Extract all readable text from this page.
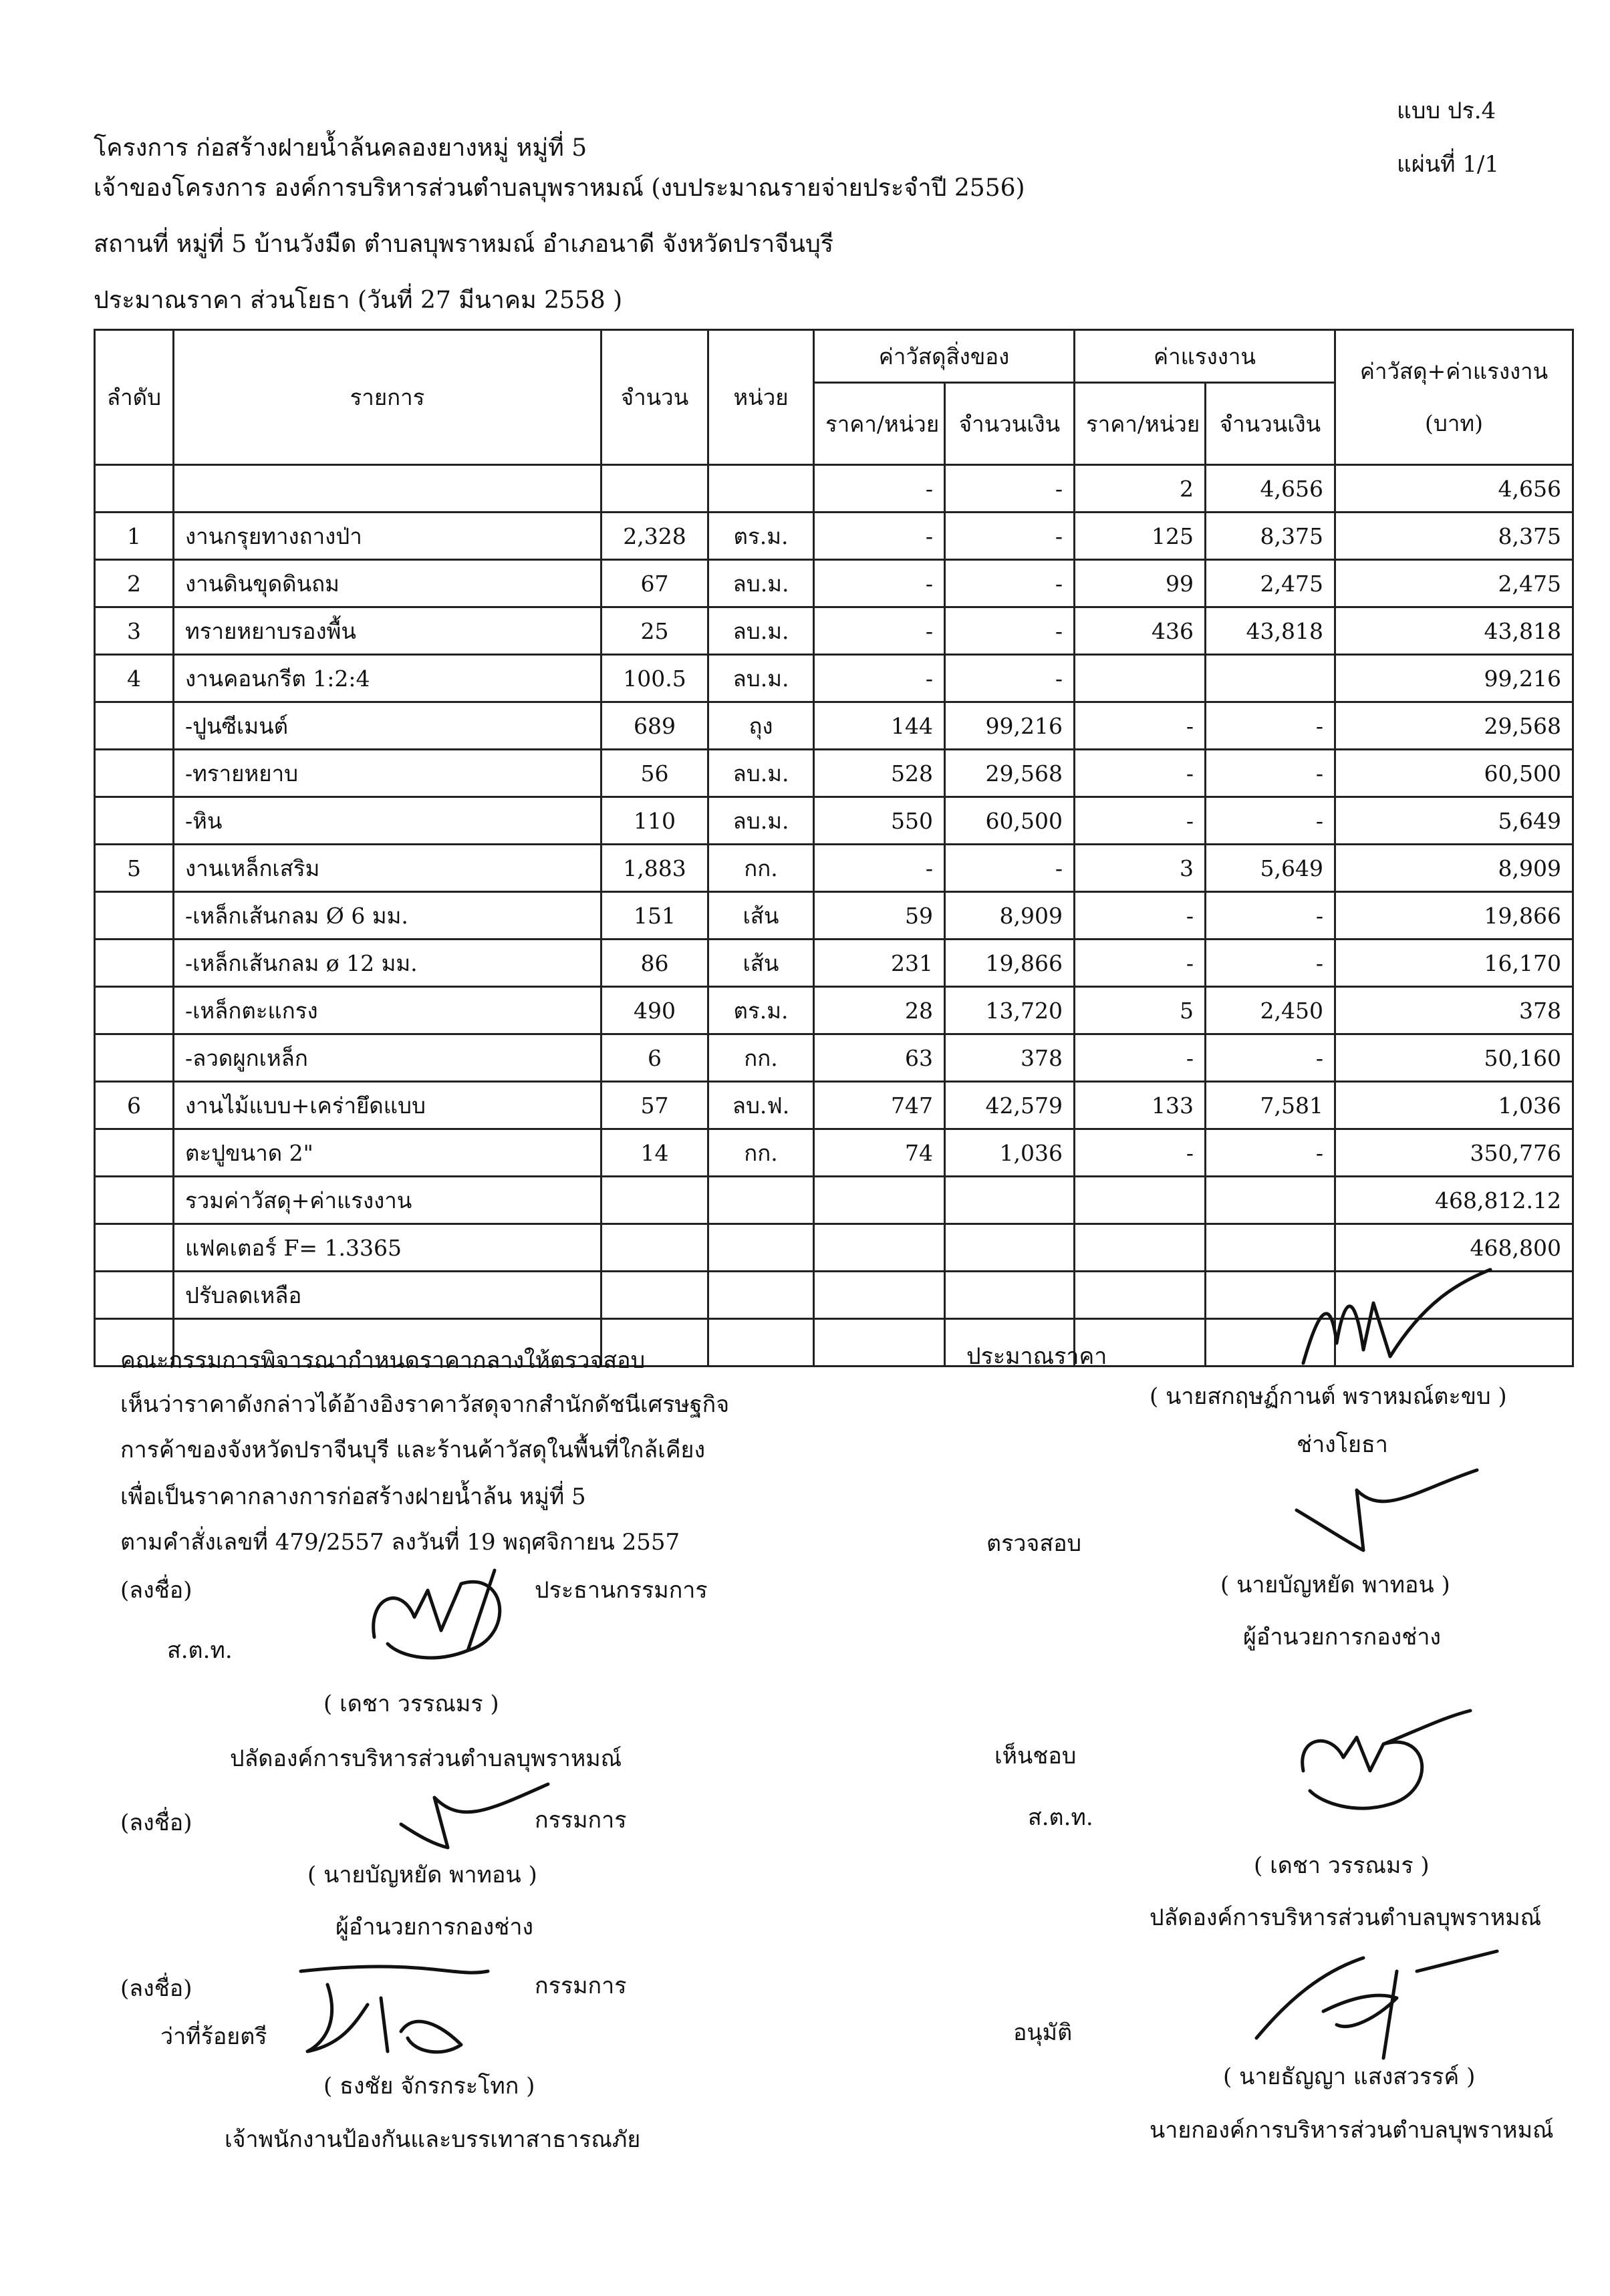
แบบ ปร.4
แผ่นที่ 1/1
โครงการ ก่อสร้างฝายน้ำล้นคลองยางหมู่ หมู่ที่ 5
เจ้าของโครงการ องค์การบริหารส่วนตำบลบุพราหมณ์ (งบประมาณรายจ่ายประจำปี 2556)
สถานที่ หมู่ที่ 5 บ้านวังมืด ตำบลบุพราหมณ์ อำเภอนาดี จังหวัดปราจีนบุรี
ประมาณราคา ส่วนโยธา (วันที่ 27 มีนาคม 2558 )
ลำดับ	รายการ	จำนวน	หน่วย	ค่าวัสดุสิ่งของ		ค่าแรงงาน		ค่าวัสดุ+ค่าแรงงาน
(บาท)

				ราคา/หน่วย	จำนวนเงิน	ราคา/หน่วย	จำนวนเงิน	
				-	-	2	4,656	4,656
1	งานกรุยทางถางป่า	2,328	ตร.ม.	-	-	125	8,375	8,375
2	งานดินขุดดินถม	67	ลบ.ม.	-	-	99	2,475	2,475
3	ทรายหยาบรองพื้น	25	ลบ.ม.	-	-	436	43,818	43,818
4	งานคอนกรีต 1:2:4	100.5	ลบ.ม.	-	-			99,216
	-ปูนซีเมนต์	689	ถุง	144	99,216	-	-	29,568
	-ทรายหยาบ	56	ลบ.ม.	528	29,568	-	-	60,500
	-หิน	110	ลบ.ม.	550	60,500	-	-	5,649
5	งานเหล็กเสริม	1,883	กก.	-	-	3	5,649	8,909
	-เหล็กเส้นกลม Ø 6 มม.	151	เส้น	59	8,909	-	-	19,866
	-เหล็กเส้นกลม ø 12 มม.	86	เส้น	231	19,866	-	-	16,170
	-เหล็กตะแกรง	490	ตร.ม.	28	13,720	5	2,450	378
	-ลวดผูกเหล็ก	6	กก.	63	378	-	-	50,160
6	งานไม้แบบ+เคร่ายึดแบบ	57	ลบ.ฟ.	747	42,579	133	7,581	1,036
	ตะปูขนาด 2"	14	กก.	74	1,036	-	-	350,776
	รวมค่าวัสดุ+ค่าแรงงาน							468,812.12
	แฟคเตอร์ F= 1.3365							468,800
	ปรับลดเหลือ							

คณะกรรมการพิจารณากำหนดราคากลางให้ตรวจสอบ
เห็นว่าราคาดังกล่าวได้อ้างอิงราคาวัสดุจากสำนักดัชนีเศรษฐกิจ
การค้าของจังหวัดปราจีนบุรี และร้านค้าวัสดุในพื้นที่ใกล้เคียง
เพื่อเป็นราคากลางการก่อสร้างฝายน้ำล้น หมู่ที่ 5
ตามคำสั่งเลขที่ 479/2557 ลงวันที่ 19 พฤศจิกายน 2557
(ลงชื่อ)	ประธานกรรมการ
ส.ต.ท.
( เดชา วรรณมร )
ปลัดองค์การบริหารส่วนตำบลบุพราหมณ์
(ลงชื่อ)	กรรมการ
( นายบัญหยัด พาทอน )
ผู้อำนวยการกองช่าง
(ลงชื่อ)	กรรมการ
ว่าที่ร้อยตรี
( ธงชัย จักรกระโทก )
เจ้าพนักงานป้องกันและบรรเทาสาธารณภัย
ประมาณราคา
( นายสกฤษฏ์กานต์ พราหมณ์ตะขบ )
ช่างโยธา
ตรวจสอบ
( นายบัญหยัด พาทอน )
ผู้อำนวยการกองช่าง
เห็นชอบ
ส.ต.ท.
( เดชา วรรณมร )
ปลัดองค์การบริหารส่วนตำบลบุพราหมณ์
อนุมัติ
( นายธัญญา แสงสวรรค์ )
นายกองค์การบริหารส่วนตำบลบุพราหมณ์
